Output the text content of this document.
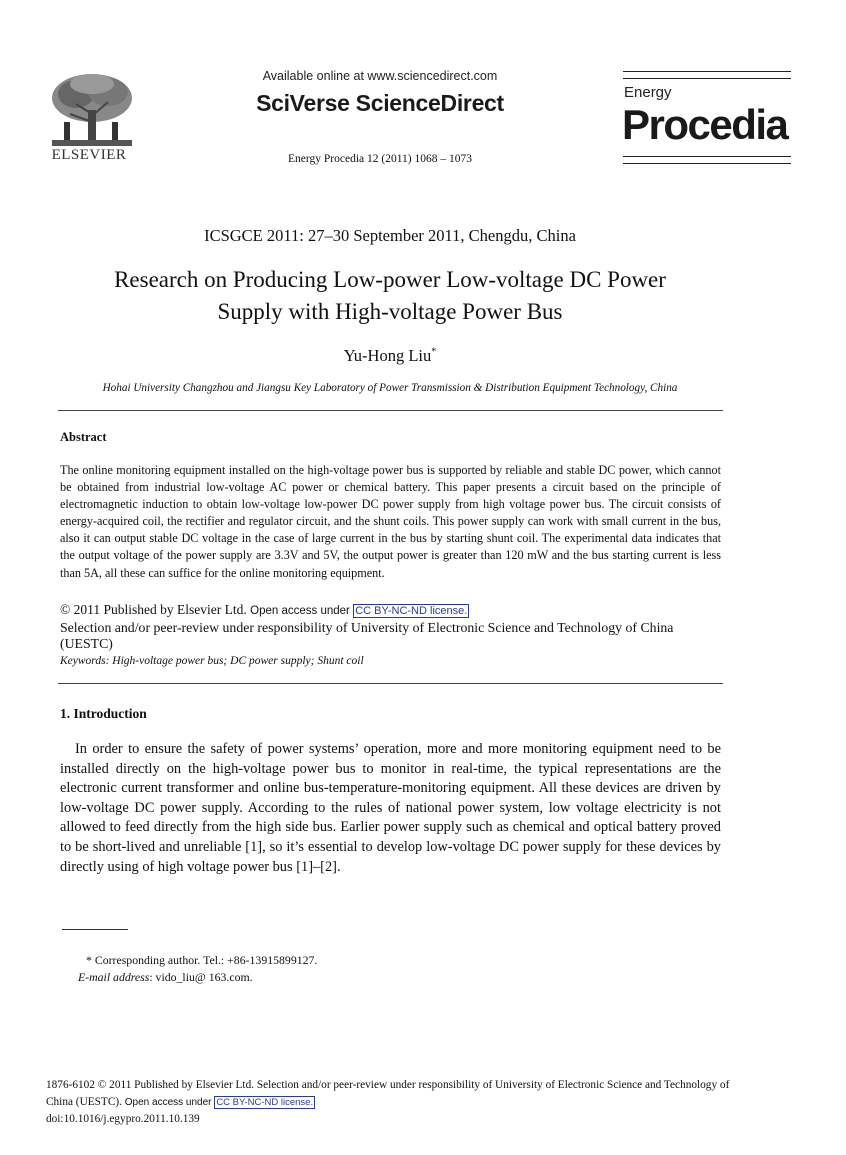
ELSEVIER
Available online at www.sciencedirect.com
SciVerse ScienceDirect
Energy Procedia 12 (2011) 1068 – 1073
Energy
Procedia
ICSGCE 2011: 27–30 September 2011, Chengdu, China
Research on Producing Low-power Low-voltage DC Power
Supply with High-voltage Power Bus
Yu-Hong Liu*
Hohai University Changzhou and Jiangsu Key Laboratory of Power Transmission & Distribution Equipment Technology, China
Abstract
The online monitoring equipment installed on the high-voltage power bus is supported by reliable and stable DC power, which cannot be obtained from industrial low-voltage AC power or chemical battery. This paper presents a circuit based on the principle of electromagnetic induction to obtain low-voltage low-power DC power supply from high voltage power bus. The circuit consists of energy-acquired coil, the rectifier and regulator circuit, and the shunt coils. This power supply can work with small current in the bus, also it can output stable DC voltage in the case of large current in the bus by starting shunt coil. The experimental data indicates that the output voltage of the power supply are 3.3V and 5V, the output power is greater than 120 mW and the bus starting current is less than 5A, all these can suffice for the online monitoring equipment.
© 2011 Published by Elsevier Ltd. Open access under CC BY-NC-ND license.
Selection and/or peer-review under responsibility of University of Electronic Science and Technology of China (UESTC)
Keywords: High-voltage power bus; DC power supply; Shunt coil
1. Introduction
In order to ensure the safety of power systems’ operation, more and more monitoring equipment need to be installed directly on the high-voltage power bus to monitor in real-time, the typical representations are the electronic current transformer and online bus-temperature-monitoring equipment. All these devices are driven by low-voltage DC power supply. According to the rules of national power system, low voltage electricity is not allowed to feed directly from the high side bus. Earlier power supply such as chemical and optical battery proved to be short-lived and unreliable [1], so it’s essential to develop low-voltage DC power supply for these devices by directly using of high voltage power bus [1]–[2].
* Corresponding author. Tel.: +86-13915899127.
E-mail address: vido_liu@ 163.com.
1876-6102 © 2011 Published by Elsevier Ltd. Selection and/or peer-review under responsibility of University of Electronic Science and Technology of
China (UESTC). Open access under CC BY-NC-ND license.
doi:10.1016/j.egypro.2011.10.139
